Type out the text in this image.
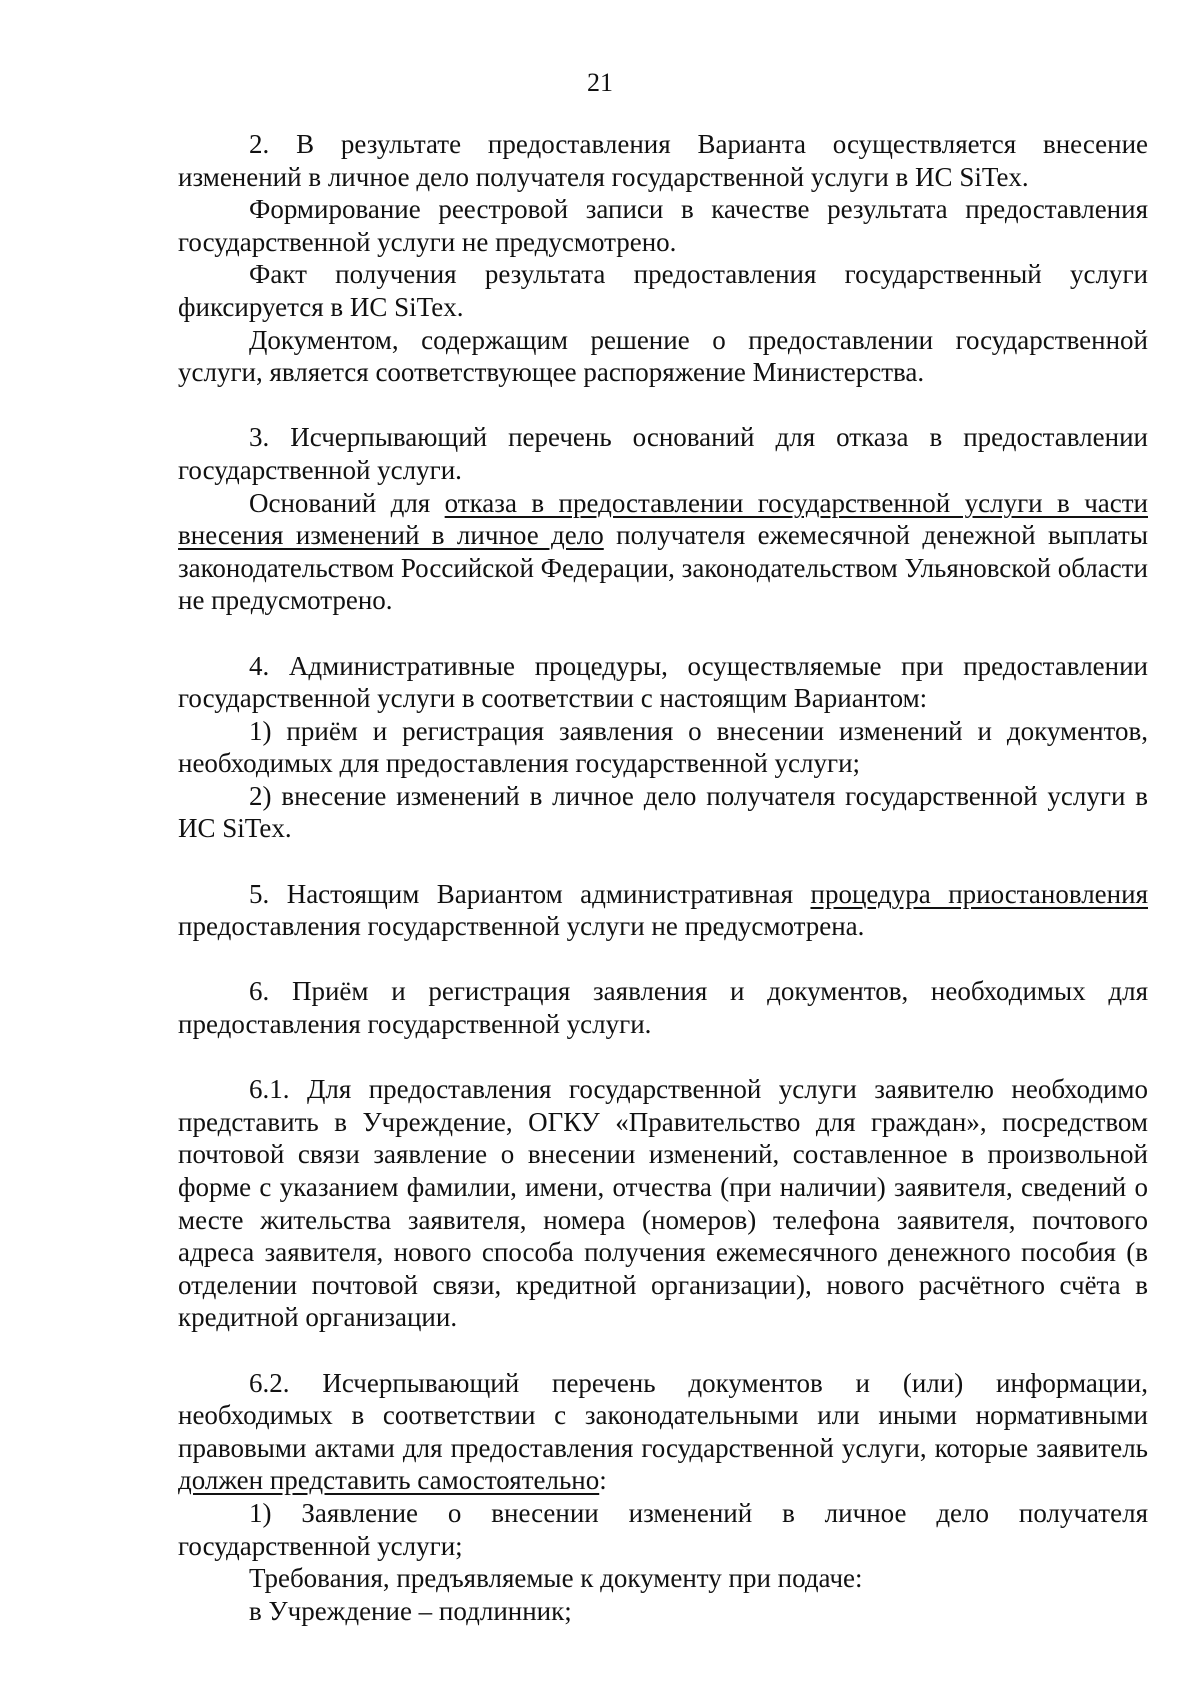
21

2. В результате предоставления Варианта осуществляется внесение изменений в личное дело получателя государственной услуги в ИС SiTex.

Формирование реестровой записи в качестве результата предоставления государственной услуги не предусмотрено.

Факт получения результата предоставления государственный услуги фиксируется в ИС SiTex.

Документом, содержащим решение о предоставлении государственной услуги, является соответствующее распоряжение Министерства.

3. Исчерпывающий перечень оснований для отказа в предоставлении государственной услуги.

Оснований для отказа в предоставлении государственной услуги в части внесения изменений в личное дело получателя ежемесячной денежной выплаты законодательством Российской Федерации, законодательством Ульяновской области не предусмотрено.

4. Административные процедуры, осуществляемые при предоставлении государственной услуги в соответствии с настоящим Вариантом:

1) приём и регистрация заявления о внесении изменений и документов, необходимых для предоставления государственной услуги;

2) внесение изменений в личное дело получателя государственной услуги в ИС SiTex.

5. Настоящим Вариантом административная процедура приостановления предоставления государственной услуги не предусмотрена.

6. Приём и регистрация заявления и документов, необходимых для предоставления государственной услуги.

6.1. Для предоставления государственной услуги заявителю необходимо представить в Учреждение, ОГКУ «Правительство для граждан», посредством почтовой связи заявление о внесении изменений, составленное в произвольной форме с указанием фамилии, имени, отчества (при наличии) заявителя, сведений о месте жительства заявителя, номера (номеров) телефона заявителя, почтового адреса заявителя, нового способа получения ежемесячного денежного пособия (в отделении почтовой связи, кредитной организации), нового расчётного счёта в кредитной организации.

6.2. Исчерпывающий перечень документов и (или) информации, необходимых в соответствии с законодательными или иными нормативными правовыми актами для предоставления государственной услуги, которые заявитель должен представить самостоятельно:

1) Заявление о внесении изменений в личное дело получателя государственной услуги;

Требования, предъявляемые к документу при подаче:

в Учреждение – подлинник;
